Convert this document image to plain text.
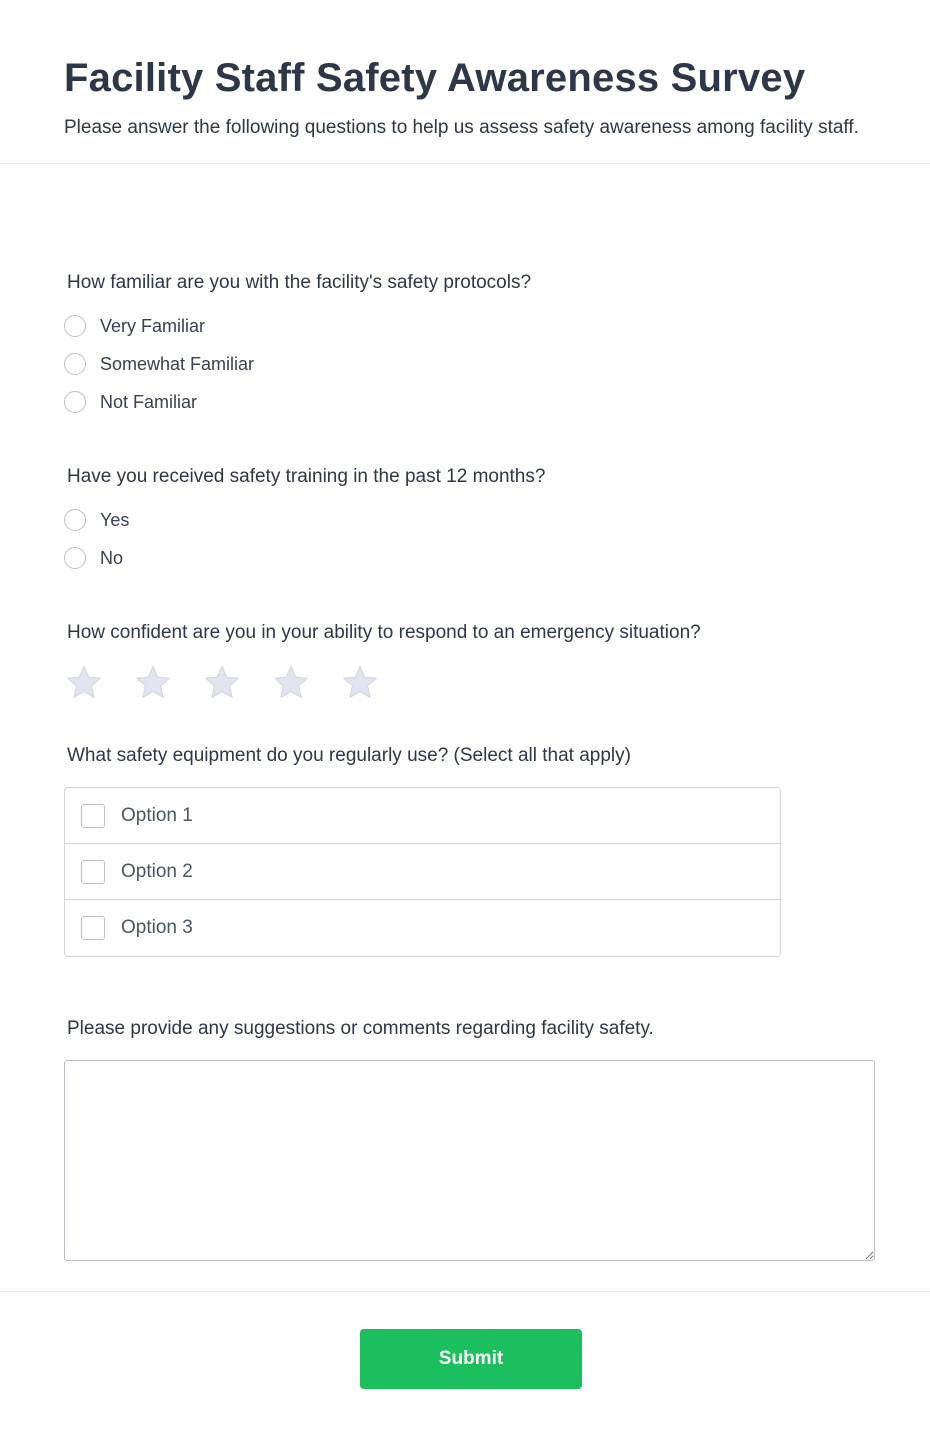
Facility Staff Safety Awareness Survey

Please answer the following questions to help us assess safety awareness among facility staff.

How familiar are you with the facility's safety protocols?
Very Familiar
Somewhat Familiar
Not Familiar
Have you received safety training in the past 12 months?
Yes
No
How confident are you in your ability to respond to an emergency situation?
What safety equipment do you regularly use? (Select all that apply)
Option 1
Option 2
Option 3
Please provide any suggestions or comments regarding facility safety.
Submit
